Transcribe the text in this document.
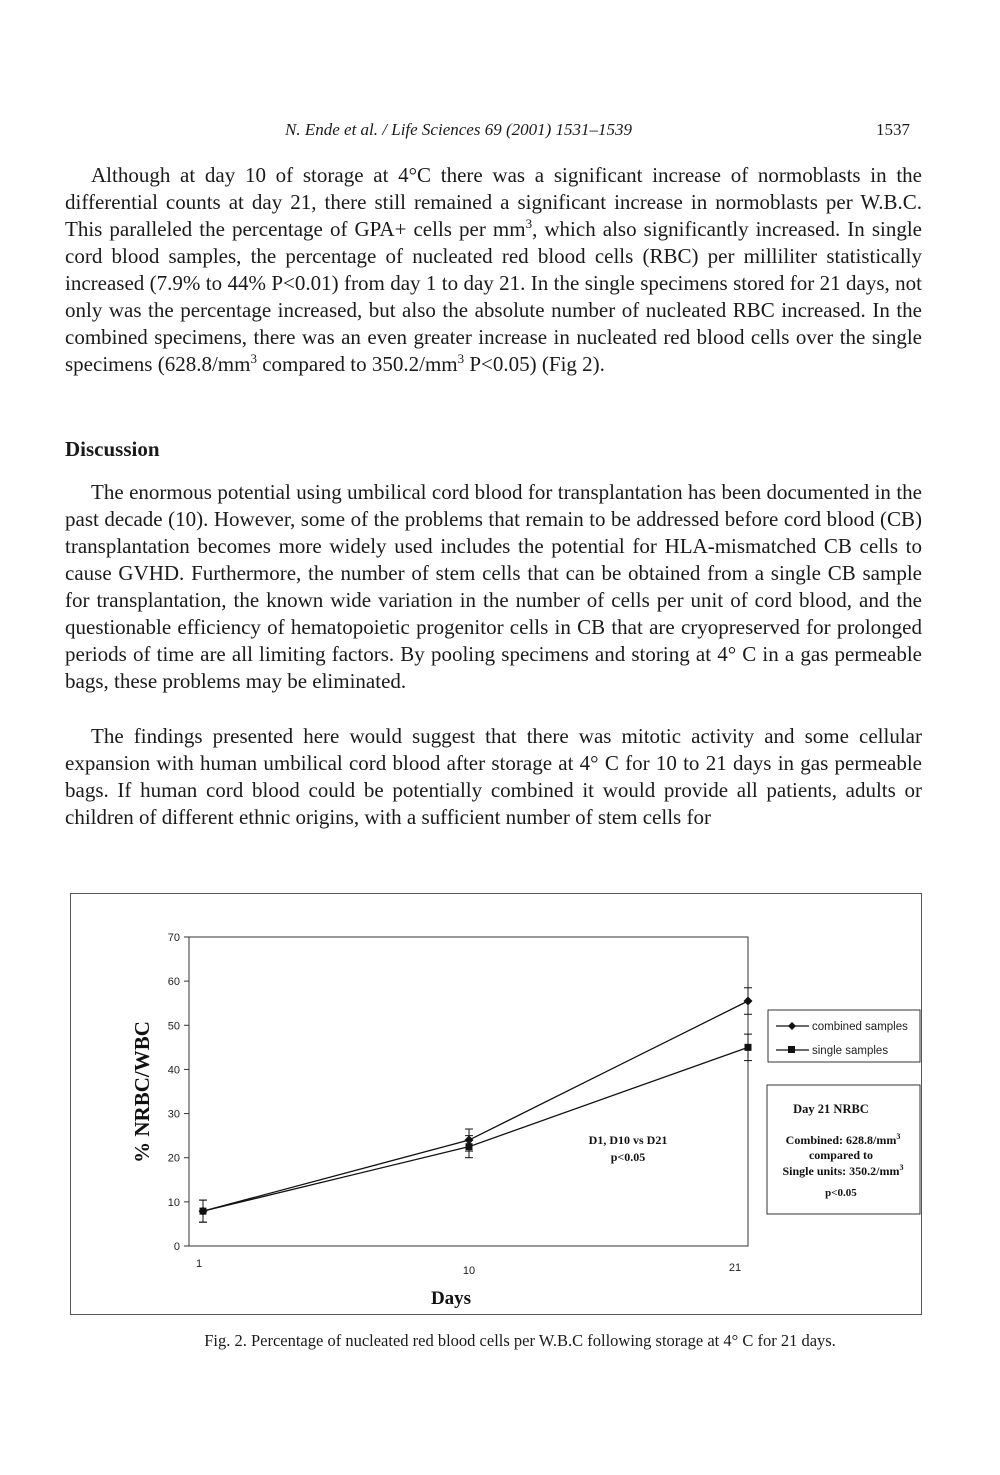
N. Ende et al. / Life Sciences 69 (2001) 1531–1539	1537

Although at day 10 of storage at 4°C there was a significant increase of normoblasts in the differential counts at day 21, there still remained a significant increase in normoblasts per W.B.C. This paralleled the percentage of GPA+ cells per $mm^3$, which also significantly increased. In single cord blood samples, the percentage of nucleated red blood cells (RBC) per milliliter statistically increased (7.9% to 44% P<0.01) from day 1 to day 21. In the single specimens stored for 21 days, not only was the percentage increased, but also the absolute number of nucleated RBC increased. In the combined specimens, there was an even greater increase in nucleated red blood cells over the single specimens ($628.8/mm^3$ compared to $350.2/mm^3$ P<0.05) (Fig 2).

Discussion

The enormous potential using umbilical cord blood for transplantation has been documented in the past decade (10). However, some of the problems that remain to be addressed before cord blood (CB) transplantation becomes more widely used includes the potential for HLA-mismatched CB cells to cause GVHD. Furthermore, the number of stem cells that can be obtained from a single CB sample for transplantation, the known wide variation in the number of cells per unit of cord blood, and the questionable efficiency of hematopoietic progenitor cells in CB that are cryopreserved for prolonged periods of time are all limiting factors. By pooling specimens and storing at 4° C in a gas permeable bags, these problems may be eliminated.

The findings presented here would suggest that there was mitotic activity and some cellular expansion with human umbilical cord blood after storage at 4° C for 10 to 21 days in gas permeable bags. If human cord blood could be potentially combined it would provide all patients, adults or children of different ethnic origins, with a sufficient number of stem cells for

0
10
20
30
40
50
60
70
1
10	21
% NRBC/WBC
Days
D1, D10 vs D21
p<0.05
combined samples
single samples
Day 21 NRBC
Combined: $628.8/mm^3$
compared to
Single units: $350.2/mm^3$
p<0.05
Fig. 2. Percentage of nucleated red blood cells per W.B.C following storage at 4° C for 21 days.
